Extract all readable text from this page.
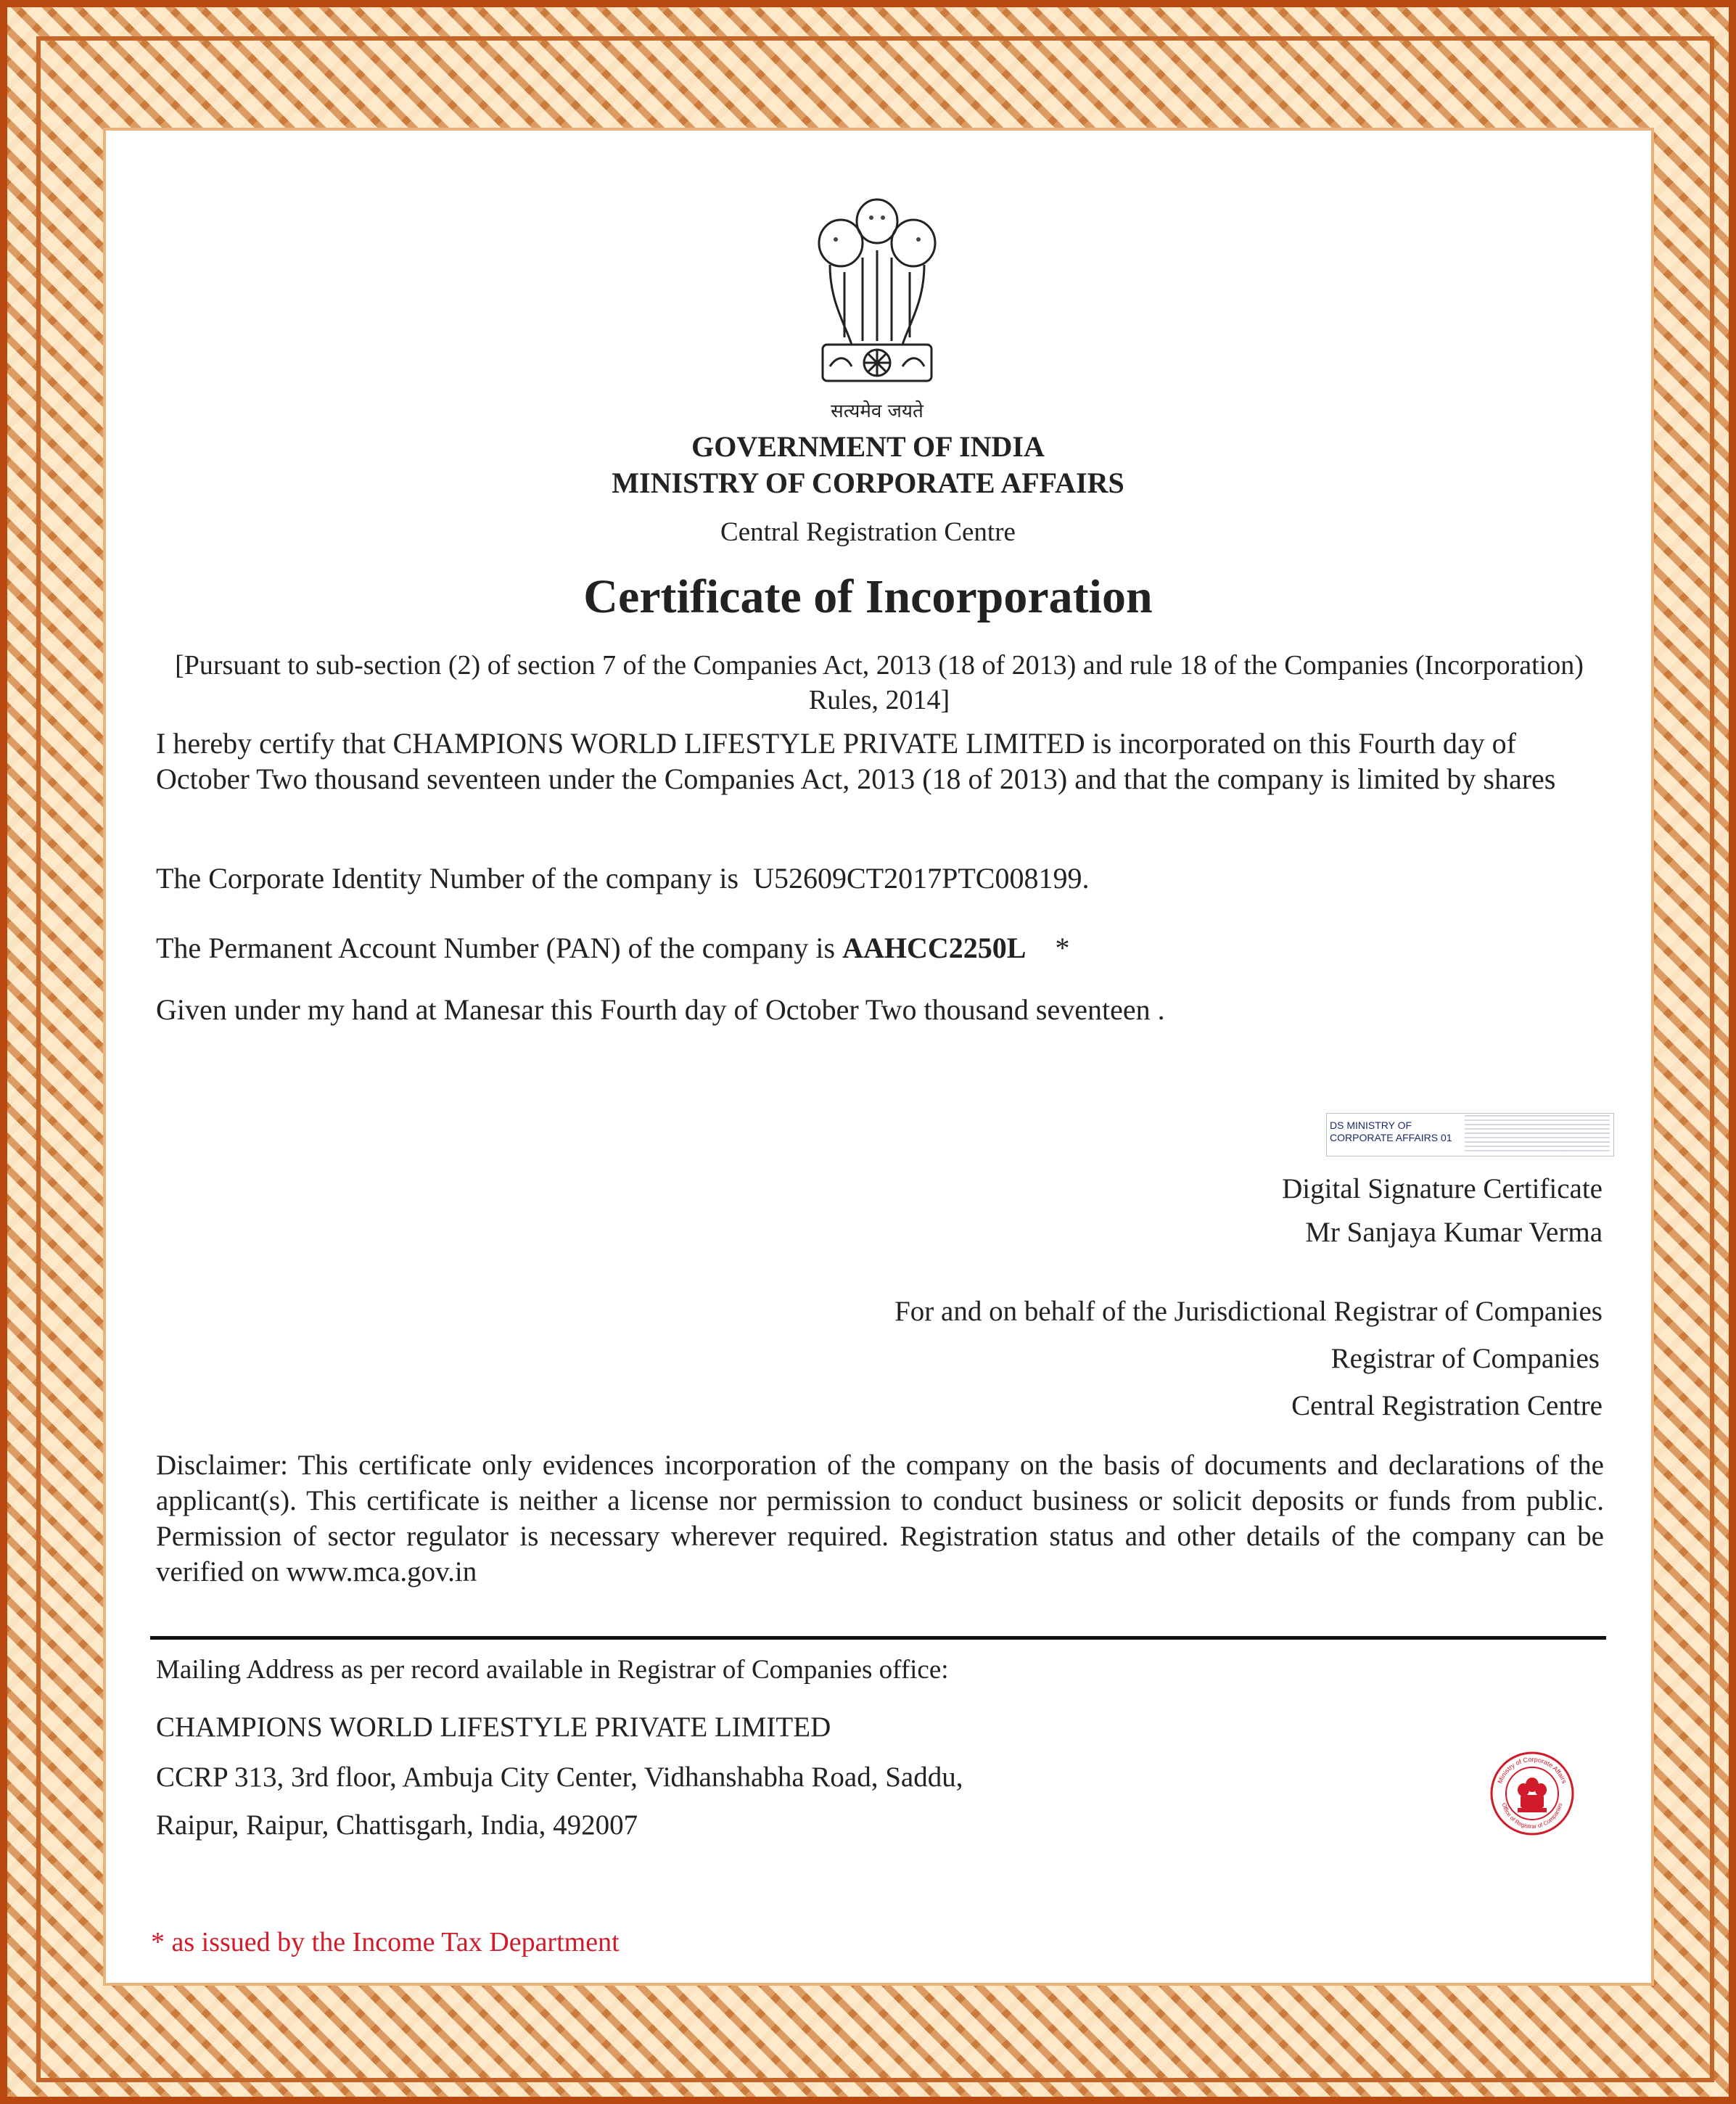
सत्यमेव जयते
GOVERNMENT OF INDIA
MINISTRY OF CORPORATE AFFAIRS
Central Registration Centre
Certificate of Incorporation
[Pursuant to sub-section (2) of section 7 of the Companies Act, 2013 (18 of 2013) and rule 18 of the Companies (Incorporation) Rules, 2014]
I hereby certify that CHAMPIONS WORLD LIFESTYLE PRIVATE LIMITED is incorporated on this Fourth day of October Two thousand seventeen under the Companies Act, 2013 (18 of 2013) and that the company is limited by shares
The Corporate Identity Number of the company is U52609CT2017PTC008199.
The Permanent Account Number (PAN) of the company is AAHCC2250L *
Given under my hand at Manesar this Fourth day of October Two thousand seventeen .
DS MINISTRY OF
CORPORATE AFFAIRS 01
Digital Signature Certificate
Mr Sanjaya Kumar Verma
For and on behalf of the Jurisdictional Registrar of Companies
Registrar of Companies
Central Registration Centre
Disclaimer: This certificate only evidences incorporation of the company on the basis of documents and declarations of the applicant(s). This certificate is neither a license nor permission to conduct business or solicit deposits or funds from public. Permission of sector regulator is necessary wherever required. Registration status and other details of the company can be verified on www.mca.gov.in
Mailing Address as per record available in Registrar of Companies office:
CHAMPIONS WORLD LIFESTYLE PRIVATE LIMITED
CCRP 313, 3rd floor, Ambuja City Center, Vidhanshabha Road, Saddu,
Raipur, Raipur, Chattisgarh, India, 492007
Ministry of Corporate Affairs
Office of Registrar of Companies
* as issued by the Income Tax Department
